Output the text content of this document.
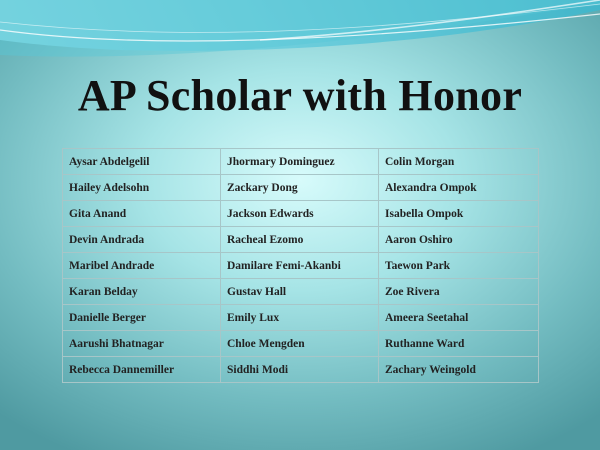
AP Scholar with Honor
Aysar Abdelgelil	Jhormary Dominguez	Colin Morgan
Hailey Adelsohn	Zackary Dong	Alexandra Ompok
Gita Anand	Jackson Edwards	Isabella Ompok
Devin Andrada	Racheal Ezomo	Aaron Oshiro
Maribel Andrade	Damilare Femi-Akanbi	Taewon Park
Karan Belday	Gustav Hall	Zoe Rivera
Danielle Berger	Emily Lux	Ameera Seetahal
Aarushi Bhatnagar	Chloe Mengden	Ruthanne Ward
Rebecca Dannemiller	Siddhi Modi	Zachary Weingold
